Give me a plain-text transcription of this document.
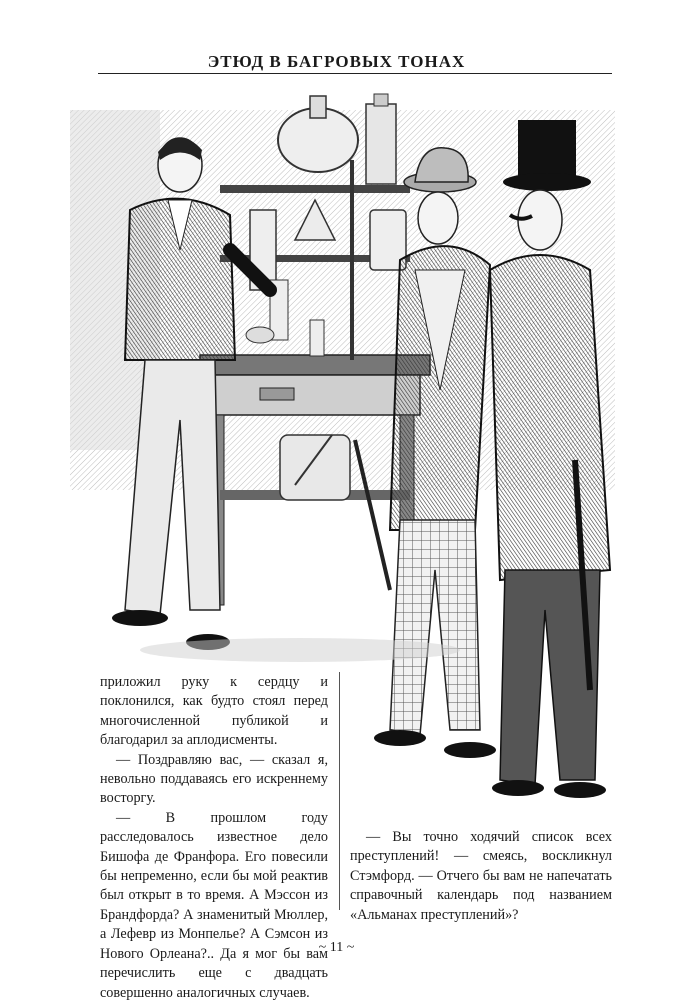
ЭТЮД В БАГРОВЫХ ТОНАХ

приложил руку к сердцу и поклонился, как будто стоял перед многочисленной публикой и благодарил за аплодисменты.

— Поздравляю вас, — сказал я, невольно поддаваясь его искреннему восторгу.

— В прошлом году расследовалось известное дело Бишофа де Франфора. Его повесили бы непременно, если бы мой реактив был открыт в то время. А Мэссон из Брандфорда? А знаменитый Мюллер, а Лефевр из Монпелье? А Сэмсон из Нового Орлеана?.. Да я мог бы вам перечислить еще с двадцать совершенно аналогичных случаев.

— Вы точно ходячий список всех преступлений! — смеясь, воскликнул Стэмфорд. — Отчего бы вам не напечатать справочный календарь под названием «Альманах преступлений»?

~ 11 ~
